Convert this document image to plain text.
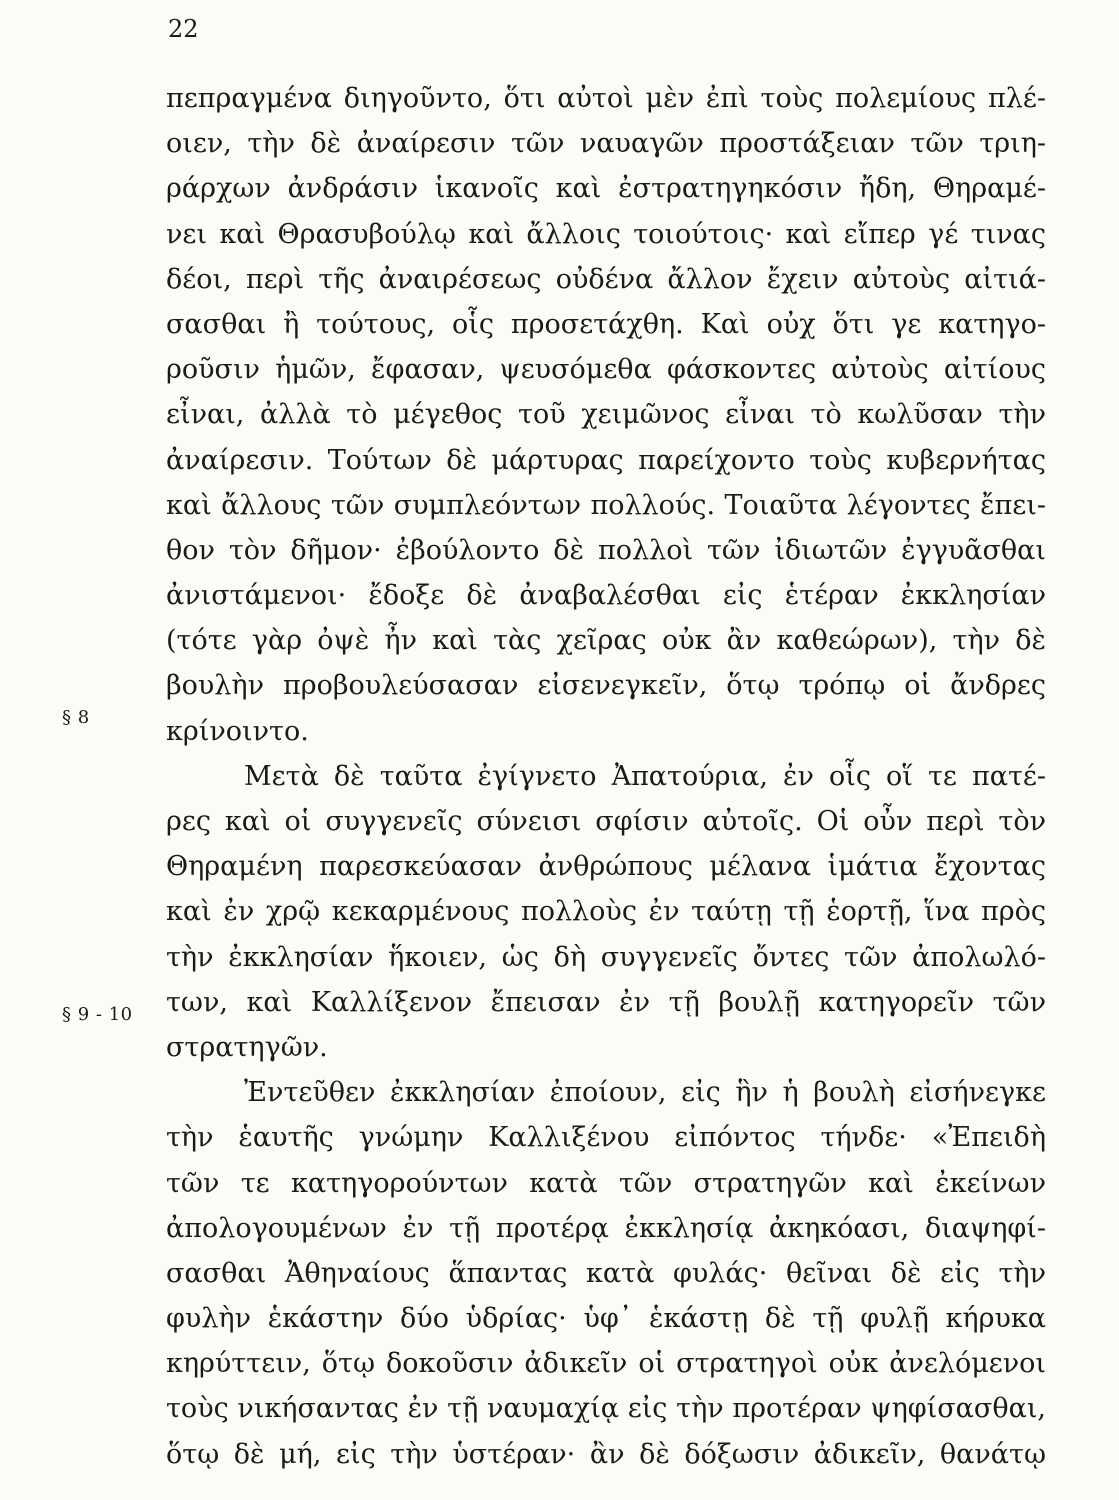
22
§ 8
§ 9 - 10
πεπραγμένα διηγοῦντο, ὅτι αὐτοὶ μὲν ἐπὶ τοὺς πολεμίους πλέ-
οιεν, τὴν δὲ ἀναίρεσιν τῶν ναυαγῶν προστάξειαν τῶν τριη-
ράρχων ἀνδράσιν ἱκανοῖς καὶ ἐστρατηγηκόσιν ἤδη, Θηραμέ-
νει καὶ Θρασυβούλῳ καὶ ἄλλοις τοιούτοις· καὶ εἴπερ γέ τινας
δέοι, περὶ τῆς ἀναιρέσεως οὐδένα ἄλλον ἔχειν αὐτοὺς αἰτιά-
σασθαι ἢ τούτους, οἷς προσετάχθη. Καὶ οὐχ ὅτι γε κατηγο-
ροῦσιν ἡμῶν, ἔφασαν, ψευσόμεθα φάσκοντες αὐτοὺς αἰτίους
εἶναι, ἀλλὰ τὸ μέγεθος τοῦ χειμῶνος εἶναι τὸ κωλῦσαν τὴν
ἀναίρεσιν. Τούτων δὲ μάρτυρας παρείχοντο τοὺς κυβερνήτας
καὶ ἄλλους τῶν συμπλεόντων πολλούς. Τοιαῦτα λέγοντες ἔπει-
θον τὸν δῆμον· ἐβούλοντο δὲ πολλοὶ τῶν ἰδιωτῶν ἐγγυᾶσθαι
ἀνιστάμενοι· ἔδοξε δὲ ἀναβαλέσθαι εἰς ἑτέραν ἐκκλησίαν
(τότε γὰρ ὀψὲ ἦν καὶ τὰς χεῖρας οὐκ ἂν καθεώρων), τὴν δὲ
βουλὴν προβουλεύσασαν εἰσενεγκεῖν, ὅτῳ τρόπῳ οἱ ἄνδρες
κρίνοιντο.
Μετὰ δὲ ταῦτα ἐγίγνετο Ἀπατούρια, ἐν οἷς οἵ τε πατέ-
ρες καὶ οἱ συγγενεῖς σύνεισι σφίσιν αὐτοῖς. Οἱ οὖν περὶ τὸν
Θηραμένη παρεσκεύασαν ἀνθρώπους μέλανα ἱμάτια ἔχοντας
καὶ ἐν χρῷ κεκαρμένους πολλοὺς ἐν ταύτῃ τῇ ἑορτῇ, ἵνα πρὸς
τὴν ἐκκλησίαν ἥκοιεν, ὡς δὴ συγγενεῖς ὄντες τῶν ἀπολωλό-
των, καὶ Καλλίξενον ἔπεισαν ἐν τῇ βουλῇ κατηγορεῖν τῶν
στρατηγῶν.
Ἐντεῦθεν ἐκκλησίαν ἐποίουν, εἰς ἣν ἡ βουλὴ εἰσήνεγκε
τὴν ἑαυτῆς γνώμην Καλλιξένου εἰπόντος τήνδε· «Ἐπειδὴ
τῶν τε κατηγορούντων κατὰ τῶν στρατηγῶν καὶ ἐκείνων
ἀπολογουμένων ἐν τῇ προτέρᾳ ἐκκλησίᾳ ἀκηκόασι, διαψηφί-
σασθαι Ἀθηναίους ἅπαντας κατὰ φυλάς· θεῖναι δὲ εἰς τὴν
φυλὴν ἑκάστην δύο ὑδρίας· ὑφ᾽ ἑκάστῃ δὲ τῇ φυλῇ κήρυκα
κηρύττειν, ὅτῳ δοκοῦσιν ἀδικεῖν οἱ στρατηγοὶ οὐκ ἀνελόμενοι
τοὺς νικήσαντας ἐν τῇ ναυμαχίᾳ εἰς τὴν προτέραν ψηφίσασθαι,
ὅτῳ δὲ μή, εἰς τὴν ὑστέραν· ἂν δὲ δόξωσιν ἀδικεῖν, θανάτῳ
